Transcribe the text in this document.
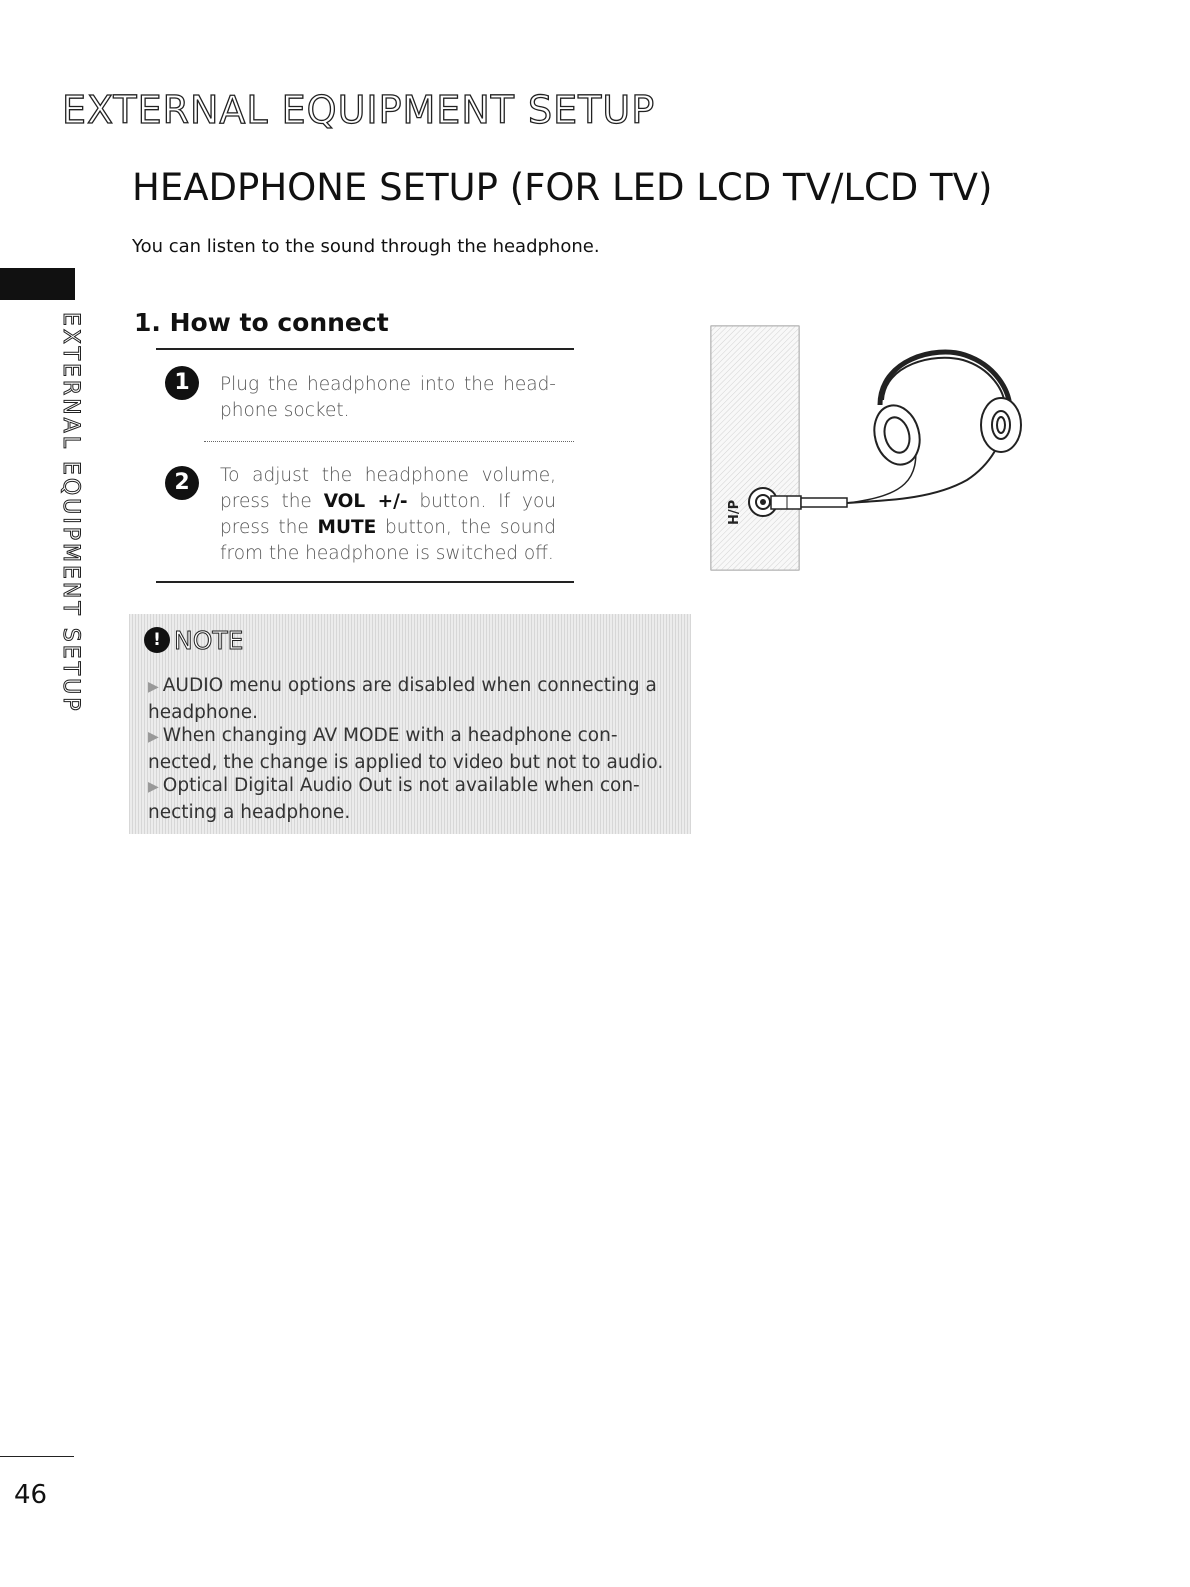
EXTERNAL EQUIPMENT SETUP
HEADPHONE SETUP (FOR LED LCD TV/LCD TV)
You can listen to the sound through the headphone.
EXTERNAL EQUIPMENT SETUP 1. How to connect
1	Plug the headphone into the head-phone socket.
2	To adjust the headphone volume, press the VOL +/- button. If you press the MUTE button, the sound from the headphone is switched off.
H/P
! NOTE
▶ AUDIO menu options are disabled when connecting a headphone.
▶ When changing AV MODE with a headphone con-nected, the change is applied to video but not to audio.
▶ Optical Digital Audio Out is not available when con-necting a headphone.
46
